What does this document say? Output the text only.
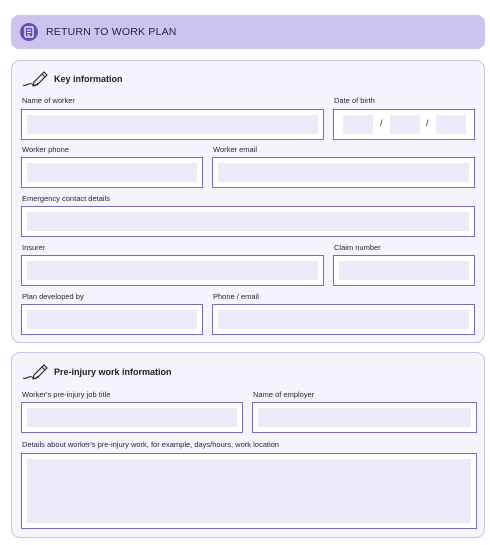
RETURN TO WORK PLAN
Key information
Name of worker	Date of birth
/	/
Worker phone	Worker email
Emergency contact details
Insurer	Claim number
Plan developed by	Phone / email
Pre-injury work information
Worker's pre-injury job title	Name of employer
Details about worker's pre-injury work, for example, days/hours, work location
